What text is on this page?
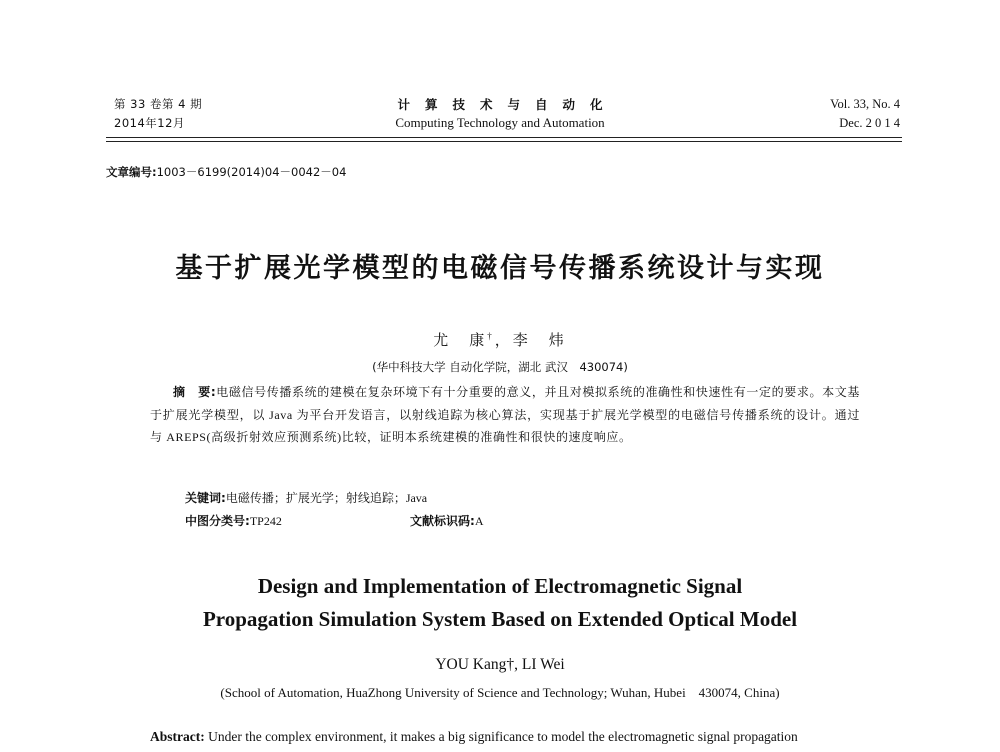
第 33 卷第 4 期
2014年12月
计算技术与自动化
Computing Technology and Automation
Vol. 33, No. 4
Dec. 2 0 1 4
文章编号:1003－6199(2014)04－0042－04
基于扩展光学模型的电磁信号传播系统设计与实现
尤　康†，李　炜
(华中科技大学 自动化学院，湖北 武汉　430074)
摘　要:电磁信号传播系统的建模在复杂环境下有十分重要的意义，并且对模拟系统的准确性和快速性有一定的要求。本文基于扩展光学模型，以 Java 为平台开发语言，以射线追踪为核心算法，实现基于扩展光学模型的电磁信号传播系统的设计。通过与 AREPS(高级折射效应预测系统)比较，证明本系统建模的准确性和很快的速度响应。
关键词:电磁传播；扩展光学；射线追踪；Java
中图分类号:TP242	文献标识码:A
Design and Implementation of Electromagnetic Signal
Propagation Simulation System Based on Extended Optical Model
YOU Kang†, LI Wei
(School of Automation, HuaZhong University of Science and Technology; Wuhan, Hubei　430074, China)
Abstract: Under the complex environment, it makes a big significance to model the electromagnetic signal propagation
